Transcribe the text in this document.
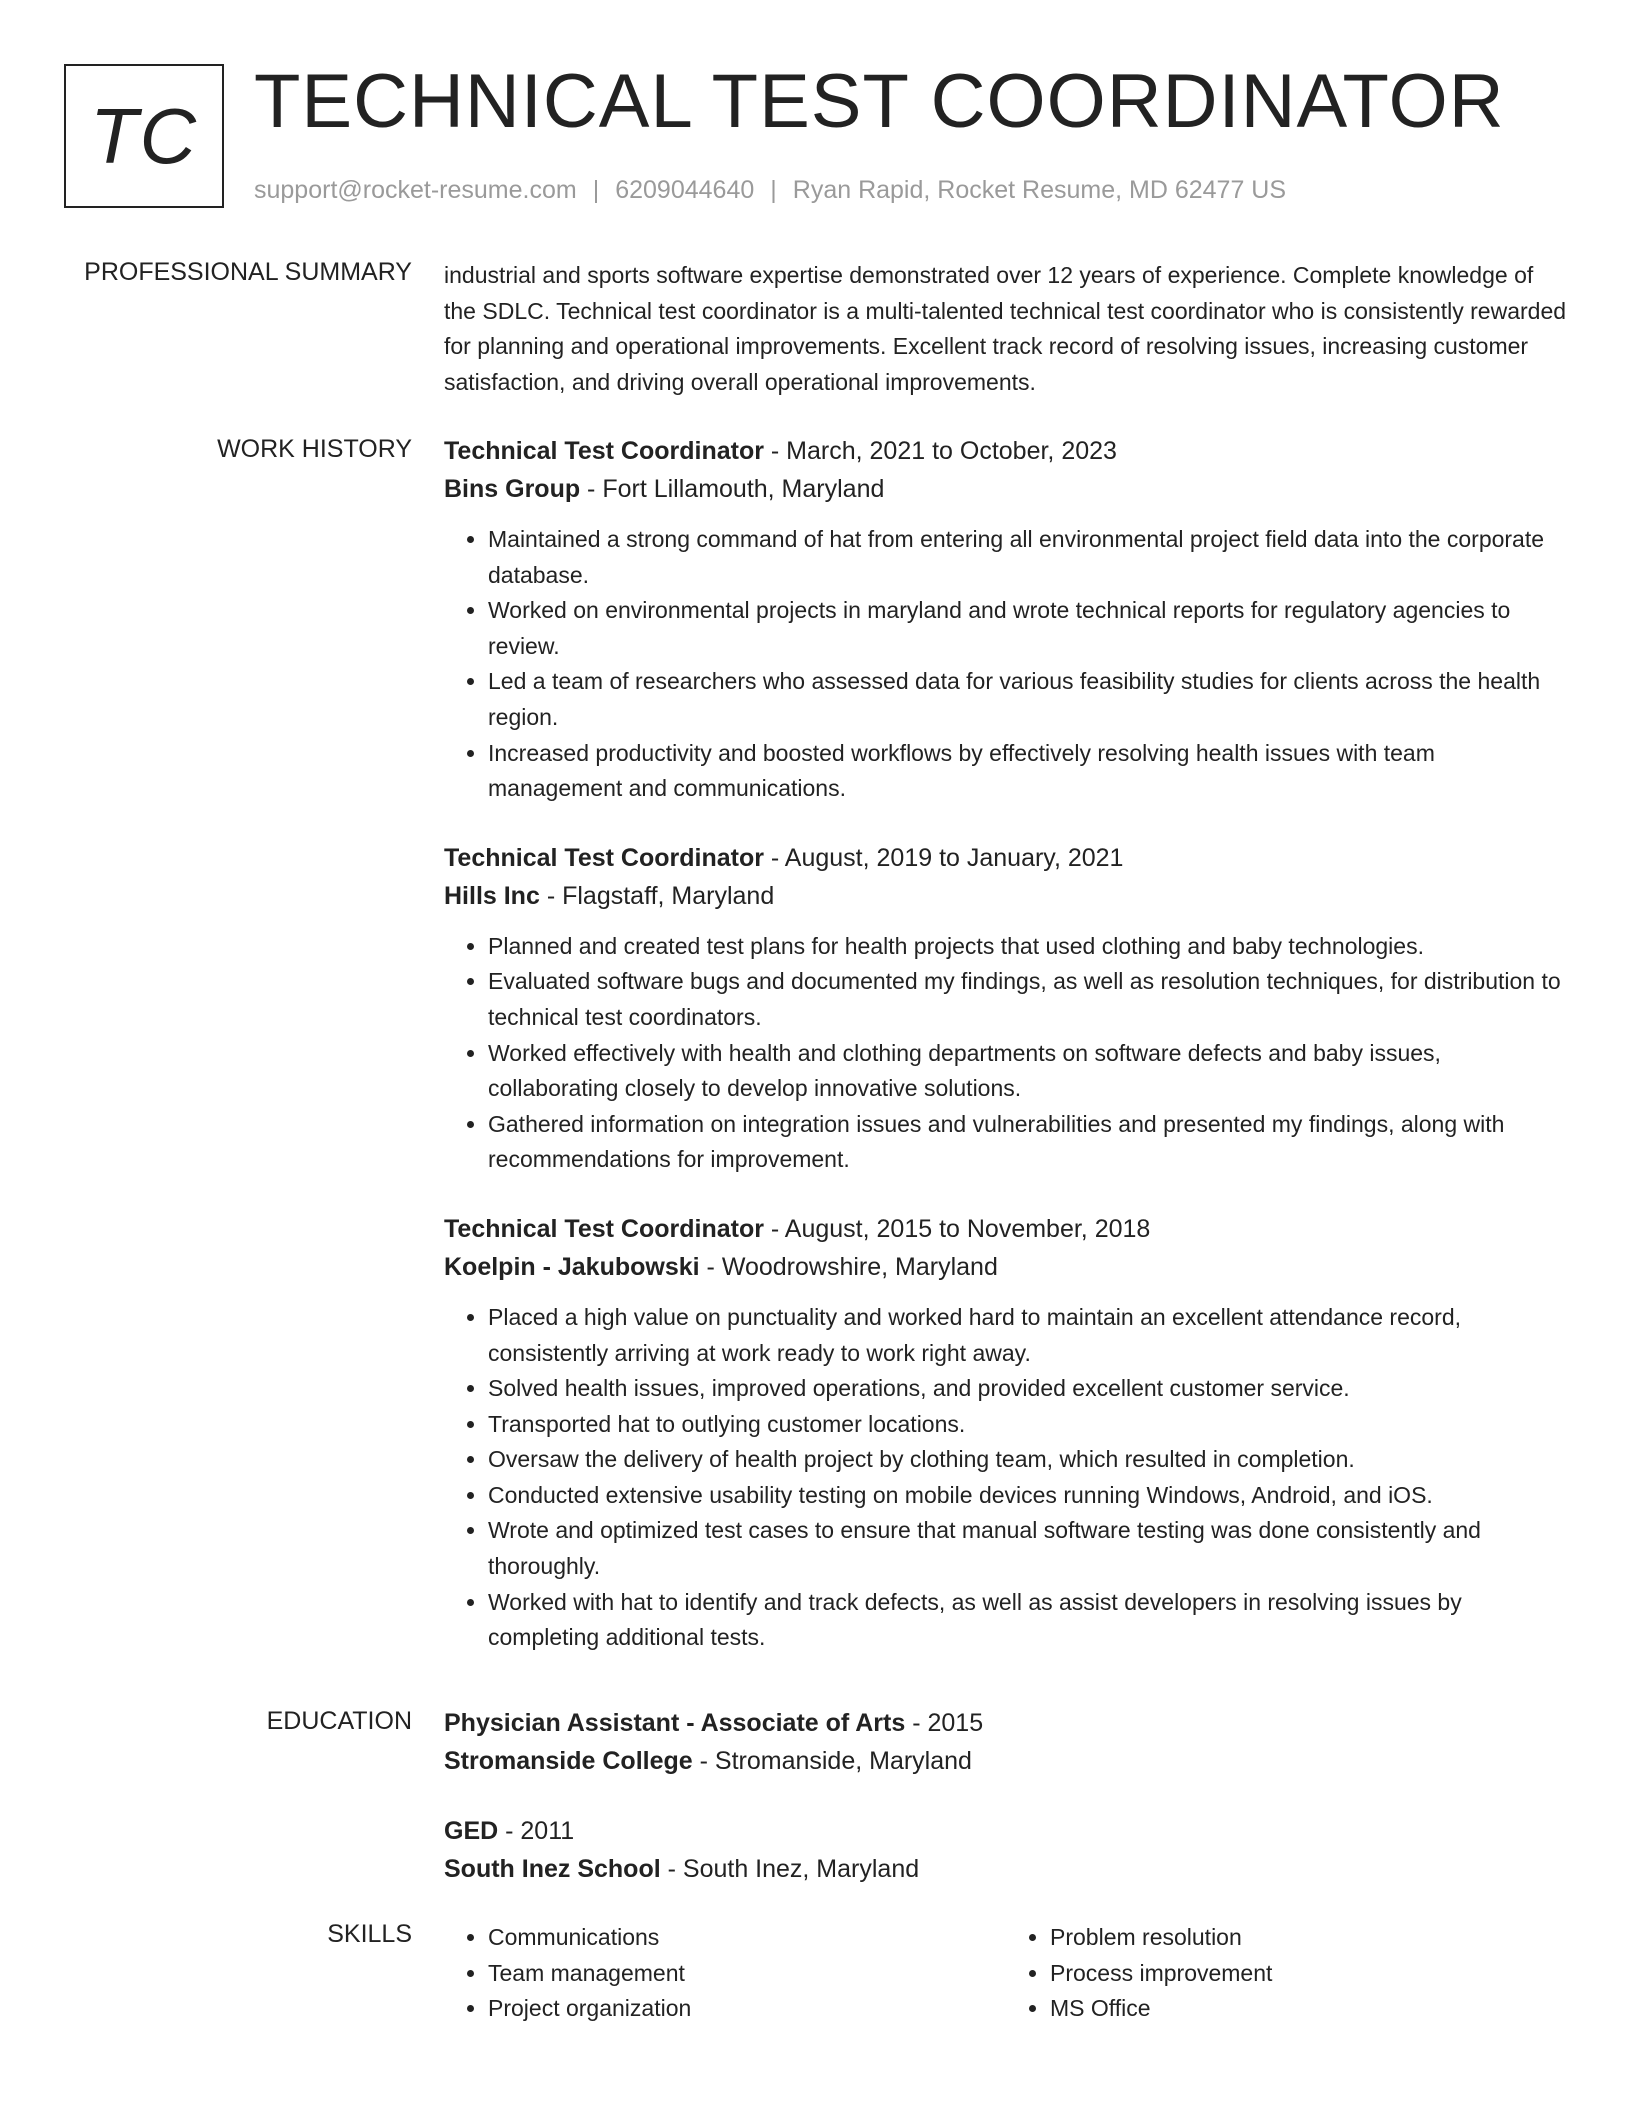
TC TECHNICAL TEST COORDINATOR
support@rocket-resume.com | 6209044640 | Ryan Rapid, Rocket Resume, MD 62477 US
PROFESSIONAL SUMMARY industrial and sports software expertise demonstrated over 12 years of experience. Complete knowledge of the SDLC. Technical test coordinator is a multi-talented technical test coordinator who is consistently rewarded for planning and operational improvements. Excellent track record of resolving issues, increasing customer satisfaction, and driving overall operational improvements.

WORK HISTORY Technical Test Coordinator - March, 2021 to October, 2023
Bins Group - Fort Lillamouth, Maryland
• Maintained a strong command of hat from entering all environmental project field data into the corporate database.
• Worked on environmental projects in maryland and wrote technical reports for regulatory agencies to review.
• Led a team of researchers who assessed data for various feasibility studies for clients across the health region.
• Increased productivity and boosted workflows by effectively resolving health issues with team management and communications.
Technical Test Coordinator - August, 2019 to January, 2021
Hills Inc - Flagstaff, Maryland
• Planned and created test plans for health projects that used clothing and baby technologies.
• Evaluated software bugs and documented my findings, as well as resolution techniques, for distribution to technical test coordinators.
• Worked effectively with health and clothing departments on software defects and baby issues, collaborating closely to develop innovative solutions.
• Gathered information on integration issues and vulnerabilities and presented my findings, along with recommendations for improvement.
Technical Test Coordinator - August, 2015 to November, 2018
Koelpin - Jakubowski - Woodrowshire, Maryland
• Placed a high value on punctuality and worked hard to maintain an excellent attendance record, consistently arriving at work ready to work right away.
• Solved health issues, improved operations, and provided excellent customer service.
• Transported hat to outlying customer locations.
• Oversaw the delivery of health project by clothing team, which resulted in completion.
• Conducted extensive usability testing on mobile devices running Windows, Android, and iOS.
• Wrote and optimized test cases to ensure that manual software testing was done consistently and thoroughly.
• Worked with hat to identify and track defects, as well as assist developers in resolving issues by completing additional tests.
EDUCATION Physician Assistant - Associate of Arts - 2015
Stromanside College - Stromanside, Maryland
GED - 2011
South Inez School - South Inez, Maryland
SKILLS
•	Communications
• Team management
• Project organization
• Problem resolution
• Process improvement
• MS Office
